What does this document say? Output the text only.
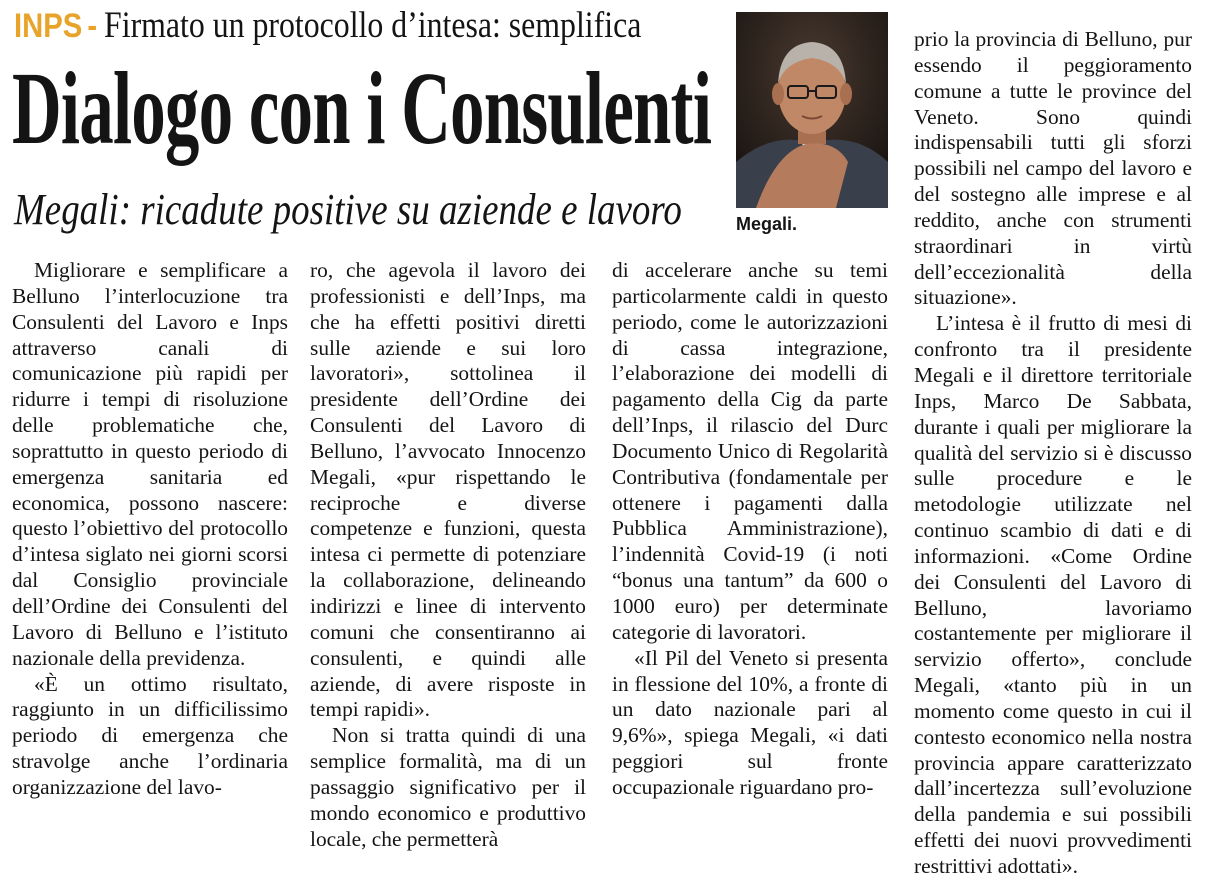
INPS - Firmato un protocollo d’intesa: semplifica
Dialogo con i Consulenti
Megali: ricadute positive su aziende e lavoro	Megali.

Migliorare e semplificare a Belluno l’interlocuzione tra Consulenti del Lavoro e Inps attraverso canali di comunicazione più rapidi per ridurre i tempi di risoluzione delle problematiche che, soprattutto in questo periodo di emergenza sanitaria ed economica, possono nascere: questo l’obiettivo del protocollo d’intesa siglato nei giorni scorsi dal Consiglio provinciale dell’Ordine dei Consulenti del Lavoro di Belluno e l’istituto nazionale della previdenza.

«È un ottimo risultato, raggiunto in un difficilissimo periodo di emergenza che stravolge anche l’ordinaria organizzazione del lavo-

ro, che agevola il lavoro dei professionisti e dell’Inps, ma che ha effetti positivi diretti sulle aziende e sui loro lavoratori», sottolinea il presidente dell’Ordine dei Consulenti del Lavoro di Belluno, l’avvocato Innocenzo Megali, «pur rispettando le reciproche e diverse competenze e funzioni, questa intesa ci permette di potenziare la collaborazione, delineando indirizzi e linee di intervento comuni che consentiranno ai consulenti, e quindi alle aziende, di avere risposte in tempi rapidi».

Non si tratta quindi di una semplice formalità, ma di un passaggio significativo per il mondo economico e produttivo locale, che permetterà

di accelerare anche su temi particolarmente caldi in questo periodo, come le autorizzazioni di cassa integrazione, l’elaborazione dei modelli di pagamento della Cig da parte dell’Inps, il rilascio del Durc Documento Unico di Regolarità Contributiva (fondamentale per ottenere i pagamenti dalla Pubblica Amministrazione), l’indennità Covid-19 (i noti “bonus una tantum” da 600 o 1000 euro) per determinate categorie di lavoratori.

«Il Pil del Veneto si presenta in flessione del 10%, a fronte di un dato nazionale pari al 9,6%», spiega Megali, «i dati peggiori sul fronte occupazionale riguardano pro-

prio la provincia di Belluno, pur essendo il peggioramento comune a tutte le province del Veneto. Sono quindi indispensabili tutti gli sforzi possibili nel campo del lavoro e del sostegno alle imprese e al reddito, anche con strumenti straordinari in virtù dell’eccezionalità della situazione».

L’intesa è il frutto di mesi di confronto tra il presidente Megali e il direttore territoriale Inps, Marco De Sabbata, durante i quali per migliorare la qualità del servizio si è discusso sulle procedure e le metodologie utilizzate nel continuo scambio di dati e di informazioni. «Come Ordine dei Consulenti del Lavoro di Belluno, lavoriamo costantemente per migliorare il servizio offerto», conclude Megali, «tanto più in un momento come questo in cui il contesto economico nella nostra provincia appare caratterizzato dall’incertezza sull’evoluzione della pandemia e sui possibili effetti dei nuovi provvedimenti restrittivi adottati».
